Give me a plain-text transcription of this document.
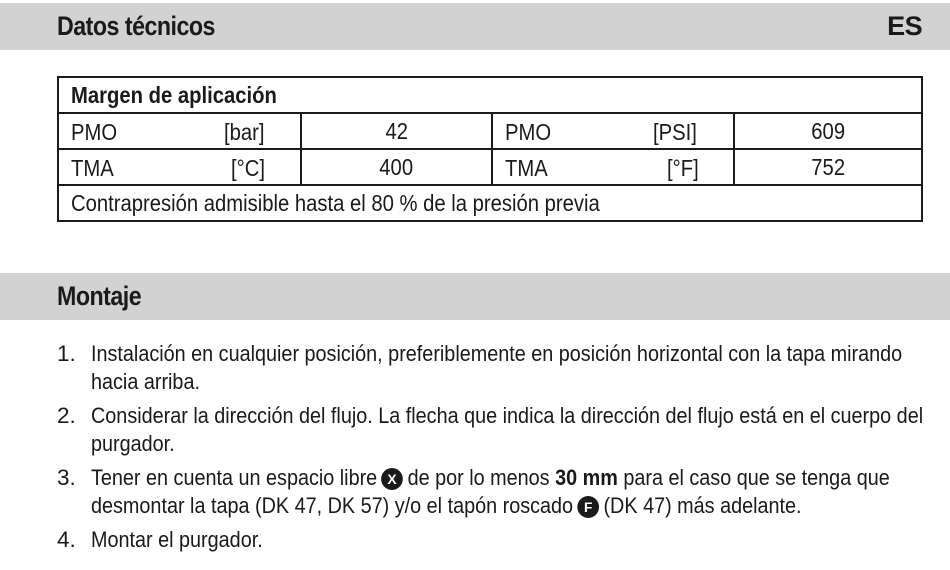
Datos técnicos	ES
Margen de aplicación			

PMO [bar]	42	PMO [PSI]	609

TMA [°C]	400	TMA [°F]	752
Contrapresión admisible hasta el 80 % de la presión previa			
Montaje
1. Instalación en cualquier posición, preferiblemente en posición horizontal con la tapa mirando hacia arriba.
2. Considerar la dirección del flujo. La flecha que indica la dirección del flujo está en el cuerpo del purgador.
3. Tener en cuenta un espacio libre X de por lo menos 30 mm para el caso que se tenga que desmontar la tapa (DK 47, DK 57) y/o el tapón roscado F (DK 47) más adelante.
4. Montar el purgador.
